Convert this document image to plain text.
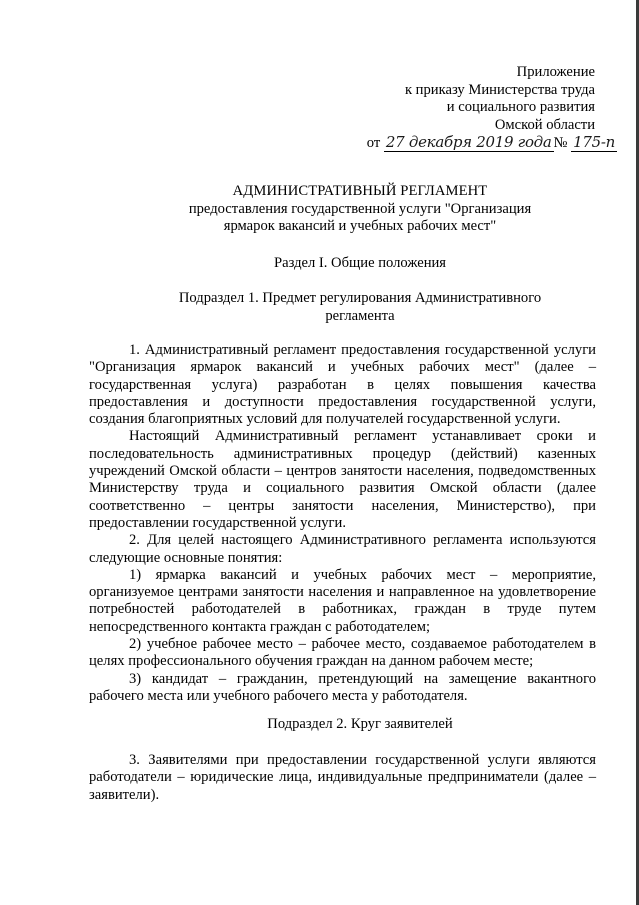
Приложение
к приказу Министерства труда
и социального развития
Омской области
от 27 декабря 2019 года № 175-п
АДМИНИСТРАТИВНЫЙ РЕГЛАМЕНТ
предоставления государственной услуги "Организация
ярмарок вакансий и учебных рабочих мест"
Раздел I. Общие положения
Подраздел 1. Предмет регулирования Административного
регламента

1. Административный регламент предоставления государственной услуги "Организация ярмарок вакансий и учебных рабочих мест" (далее – государственная услуга) разработан в целях повышения качества предоставления и доступности предоставления государственной услуги, создания благоприятных условий для получателей государственной услуги.

Настоящий Административный регламент устанавливает сроки и последовательность административных процедур (действий) казенных учреждений Омской области – центров занятости населения, подведомственных Министерству труда и социального развития Омской области (далее соответственно – центры занятости населения, Министерство), при предоставлении государственной услуги.

2. Для целей настоящего Административного регламента используются следующие основные понятия:

1) ярмарка вакансий и учебных рабочих мест – мероприятие, организуемое центрами занятости населения и направленное на удовлетворение потребностей работодателей в работниках, граждан в труде путем непосредственного контакта граждан с работодателем;

2) учебное рабочее место – рабочее место, создаваемое работодателем в целях профессионального обучения граждан на данном рабочем месте;

3) кандидат – гражданин, претендующий на замещение вакантного рабочего места или учебного рабочего места у работодателя.

Подраздел 2. Круг заявителей

3. Заявителями при предоставлении государственной услуги являются работодатели – юридические лица, индивидуальные предприниматели (далее – заявители).
